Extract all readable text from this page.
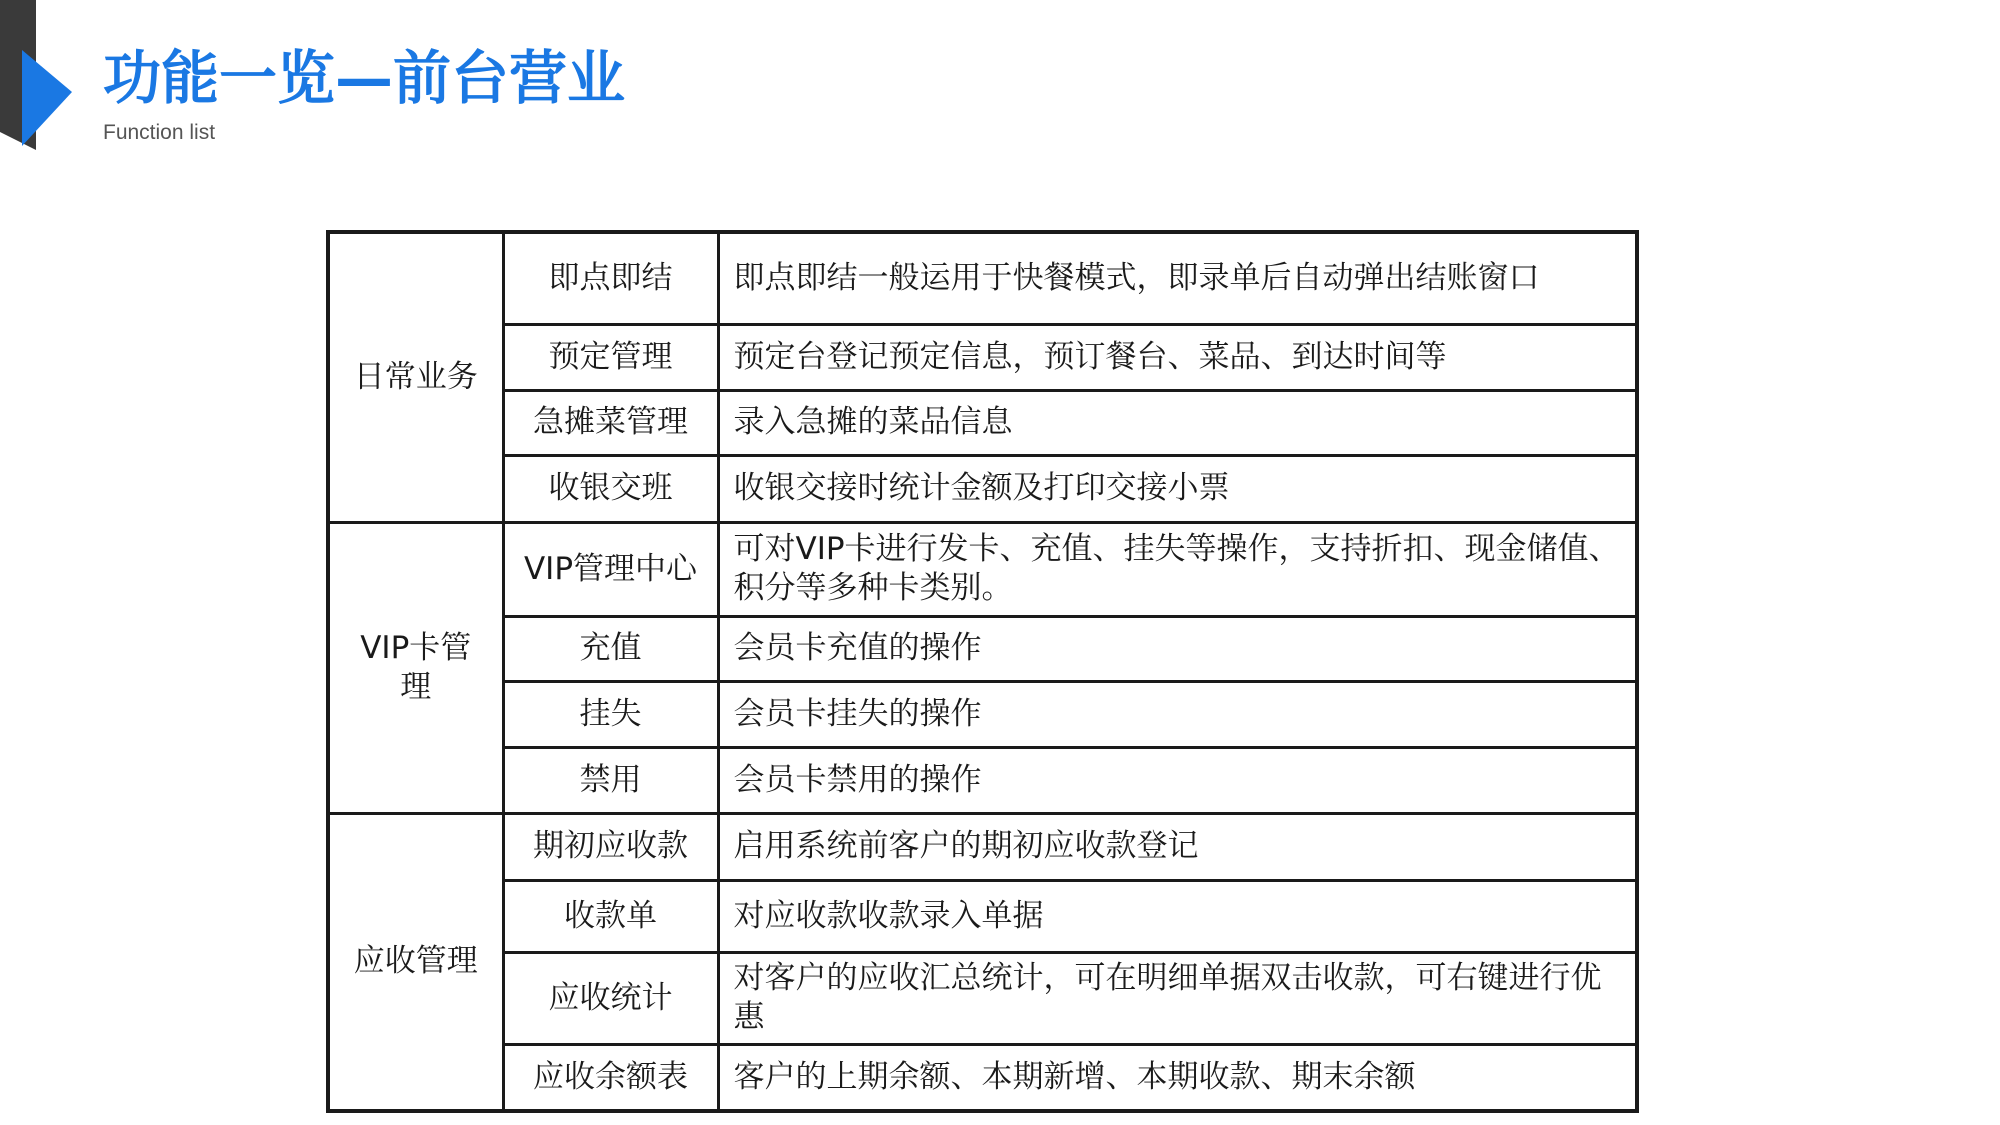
功能一览—前台营业
Function list
日常业务	即点即结	即点即结一般运用于快餐模式，即录单后自动弹出结账窗口
	预定管理	预定台登记预定信息，预订餐台、菜品、到达时间等
	急摊菜管理	录入急摊的菜品信息
	收银交班	收银交接时统计金额及打印交接小票
VIP卡管理	VIP管理中心	可对VIP卡进行发卡、充值、挂失等操作，支持折扣、现金储值、积分等多种卡类别。
	充值	会员卡充值的操作
	挂失	会员卡挂失的操作
	禁用	会员卡禁用的操作
应收管理	期初应收款	启用系统前客户的期初应收款登记
	收款单	对应收款收款录入单据
	应收统计	对客户的应收汇总统计，可在明细单据双击收款，可右键进行优惠
	应收余额表	客户的上期余额、本期新增、本期收款、期末余额
